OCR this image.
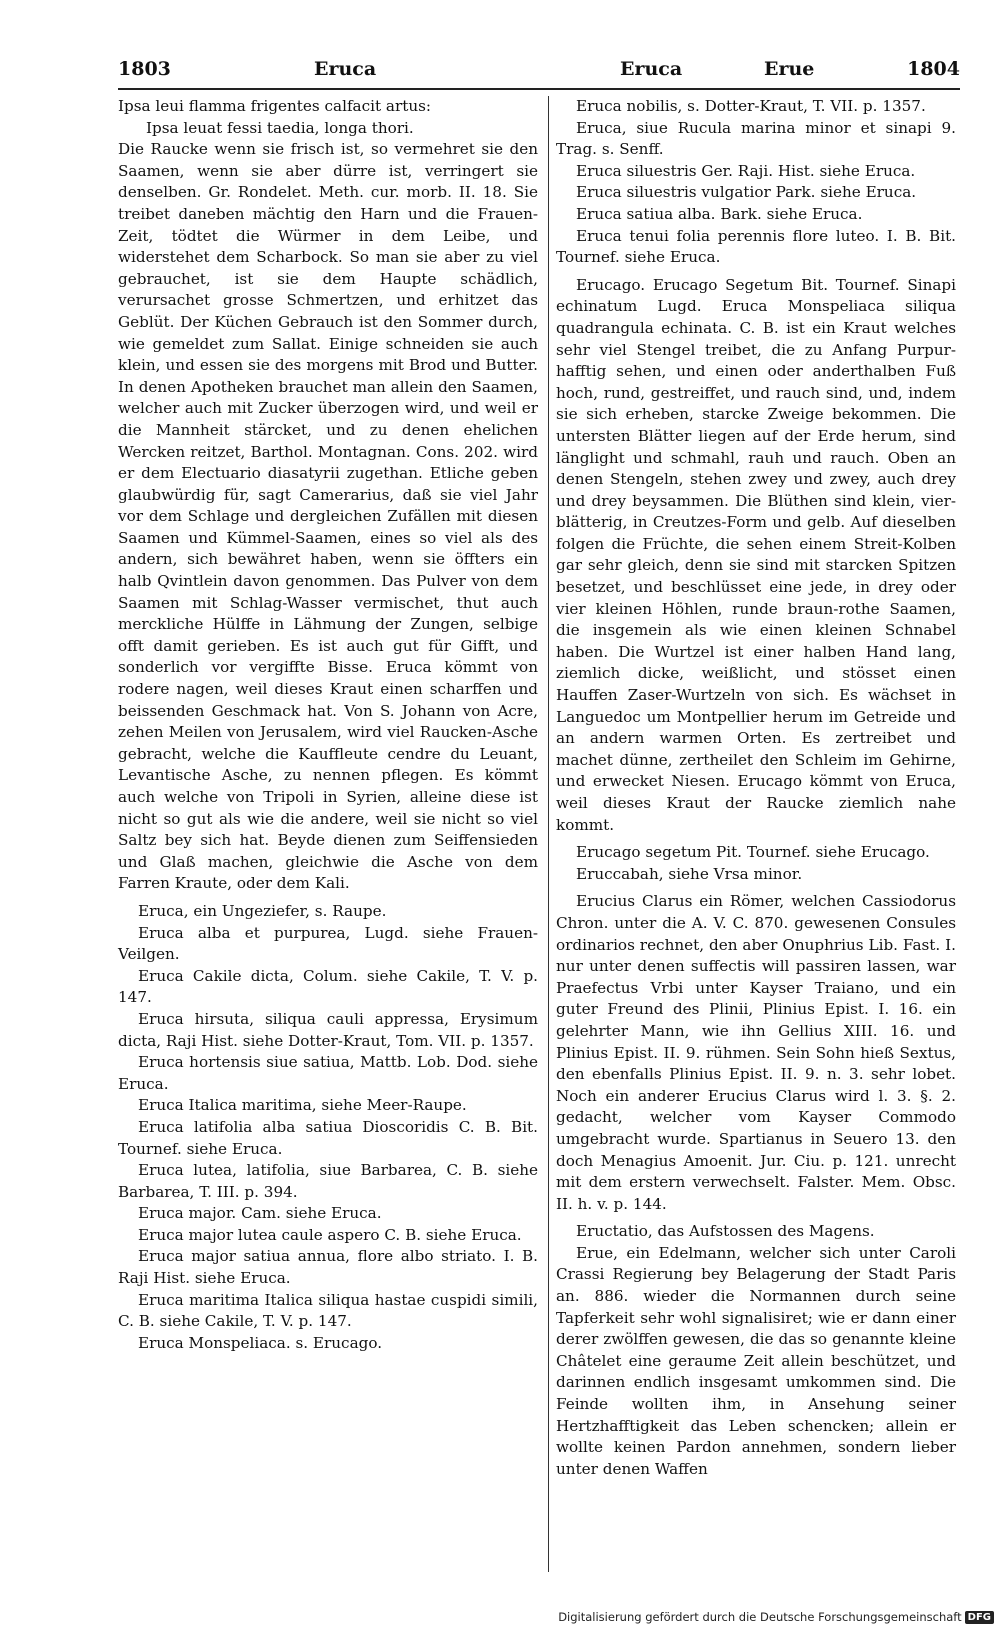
1803	Eruca	Eruca	Erue	1804

Ipsa leui flamma frigentes calfacit artus:

Ipsa leuat fessi taedia, longa thori.

Die Raucke wenn sie frisch ist, so vermehret sie den Saamen, wenn sie aber dürre ist, verringert sie denselben. Gr. Rondelet. Meth. cur. morb. II. 18. Sie treibet daneben mächtig den Harn und die Frauen-Zeit, tödtet die Würmer in dem Leibe, und widerstehet dem Scharbock. So man sie aber zu viel gebrauchet, ist sie dem Haupte schädlich, verursachet grosse Schmertzen, und erhitzet das Geblüt. Der Küchen Gebrauch ist den Sommer durch, wie gemeldet zum Sallat. Einige schneiden sie auch klein, und essen sie des morgens mit Brod und Butter. In denen Apotheken brauchet man allein den Saamen, welcher auch mit Zucker überzogen wird, und weil er die Mannheit stärcket, und zu denen ehelichen Wercken reitzet, Barthol. Montagnan. Cons. 202. wird er dem Electuario diasatyrii zugethan. Etliche geben glaubwürdig für, sagt Camerarius, daß sie viel Jahr vor dem Schlage und dergleichen Zufällen mit diesen Saamen und Kümmel-Saamen, eines so viel als des andern, sich bewähret haben, wenn sie öffters ein halb Qvintlein davon genommen. Das Pulver von dem Saamen mit Schlag-Wasser vermischet, thut auch merckliche Hülffe in Lähmung der Zungen, selbige offt damit gerieben. Es ist auch gut für Gifft, und sonderlich vor vergiffte Bisse. Eruca kömmt von rodere nagen, weil dieses Kraut einen scharffen und beissenden Geschmack hat. Von S. Johann von Acre, zehen Meilen von Jerusalem, wird viel Raucken-Asche gebracht, welche die Kauffleute cendre du Leuant, Levantische Asche, zu nennen pflegen. Es kömmt auch welche von Tripoli in Syrien, alleine diese ist nicht so gut als wie die andere, weil sie nicht so viel Saltz bey sich hat. Beyde dienen zum Seiffensieden und Glaß machen, gleichwie die Asche von dem Farren Kraute, oder dem Kali.

Eruca, ein Ungeziefer, s. Raupe.

Eruca alba et purpurea, Lugd. siehe Frauen-Veilgen.

Eruca Cakile dicta, Colum. siehe Cakile, T. V. p. 147.

Eruca hirsuta, siliqua cauli appressa, Erysimum dicta, Raji Hist. siehe Dotter-Kraut, Tom. VII. p. 1357.

Eruca hortensis siue satiua, Mattb. Lob. Dod. siehe Eruca.

Eruca Italica maritima, siehe Meer-Raupe.

Eruca latifolia alba satiua Dioscoridis C. B. Bit. Tournef. siehe Eruca.

Eruca lutea, latifolia, siue Barbarea, C. B. siehe Barbarea, T. III. p. 394.

Eruca major. Cam. siehe Eruca.

Eruca major lutea caule aspero C. B. siehe Eruca.

Eruca major satiua annua, flore albo striato. I. B. Raji Hist. siehe Eruca.

Eruca maritima Italica siliqua hastae cuspidi simili, C. B. siehe Cakile, T. V. p. 147.

Eruca Monspeliaca. s. Erucago.

Eruca nobilis, s. Dotter-Kraut, T. VII. p. 1357.

Eruca, siue Rucula marina minor et sinapi 9. Trag. s. Senff.

Eruca siluestris Ger. Raji. Hist. siehe Eruca.

Eruca siluestris vulgatior Park. siehe Eruca.

Eruca satiua alba. Bark. siehe Eruca.

Eruca tenui folia perennis flore luteo. I. B. Bit. Tournef. siehe Eruca.

Erucago. Erucago Segetum Bit. Tournef. Sinapi echinatum Lugd. Eruca Monspeliaca siliqua quadrangula echinata. C. B. ist ein Kraut welches sehr viel Stengel treibet, die zu Anfang Purpur-hafftig sehen, und einen oder anderthalben Fuß hoch, rund, gestreiffet, und rauch sind, und, indem sie sich erheben, starcke Zweige bekommen. Die untersten Blätter liegen auf der Erde herum, sind länglight und schmahl, rauh und rauch. Oben an denen Stengeln, stehen zwey und zwey, auch drey und drey beysammen. Die Blüthen sind klein, vier-blätterig, in Creutzes-Form und gelb. Auf dieselben folgen die Früchte, die sehen einem Streit-Kolben gar sehr gleich, denn sie sind mit starcken Spitzen besetzet, und beschlüsset eine jede, in drey oder vier kleinen Höhlen, runde braun-rothe Saamen, die insgemein als wie einen kleinen Schnabel haben. Die Wurtzel ist einer halben Hand lang, ziemlich dicke, weißlicht, und stösset einen Hauffen Zaser-Wurtzeln von sich. Es wächset in Languedoc um Montpellier herum im Getreide und an andern warmen Orten. Es zertreibet und machet dünne, zertheilet den Schleim im Gehirne, und erwecket Niesen. Erucago kömmt von Eruca, weil dieses Kraut der Raucke ziemlich nahe kommt.

Erucago segetum Pit. Tournef. siehe Erucago.

Eruccabah, siehe Vrsa minor.

Erucius Clarus ein Römer, welchen Cassiodorus Chron. unter die A. V. C. 870. gewesenen Consules ordinarios rechnet, den aber Onuphrius Lib. Fast. I. nur unter denen suffectis will passiren lassen, war Praefectus Vrbi unter Kayser Traiano, und ein guter Freund des Plinii, Plinius Epist. I. 16. ein gelehrter Mann, wie ihn Gellius XIII. 16. und Plinius Epist. II. 9. rühmen. Sein Sohn hieß Sextus, den ebenfalls Plinius Epist. II. 9. n. 3. sehr lobet. Noch ein anderer Erucius Clarus wird l. 3. §. 2. gedacht, welcher vom Kayser Commodo umgebracht wurde. Spartianus in Seuero 13. den doch Menagius Amoenit. Jur. Ciu. p. 121. unrecht mit dem erstern verwechselt. Falster. Mem. Obsc. II. h. v. p. 144.

Eructatio, das Aufstossen des Magens.

Erue, ein Edelmann, welcher sich unter Caroli Crassi Regierung bey Belagerung der Stadt Paris an. 886. wieder die Normannen durch seine Tapferkeit sehr wohl signalisiret; wie er dann einer derer zwölffen gewesen, die das so genannte kleine Châtelet eine geraume Zeit allein beschützet, und darinnen endlich insgesamt umkommen sind. Die Feinde wollten ihm, in Ansehung seiner Hertzhafftigkeit das Leben schencken; allein er wollte keinen Pardon annehmen, sondern lieber unter denen Waffen

Digitalisierung gefördert durch die Deutsche Forschungsgemeinschaft DFG
